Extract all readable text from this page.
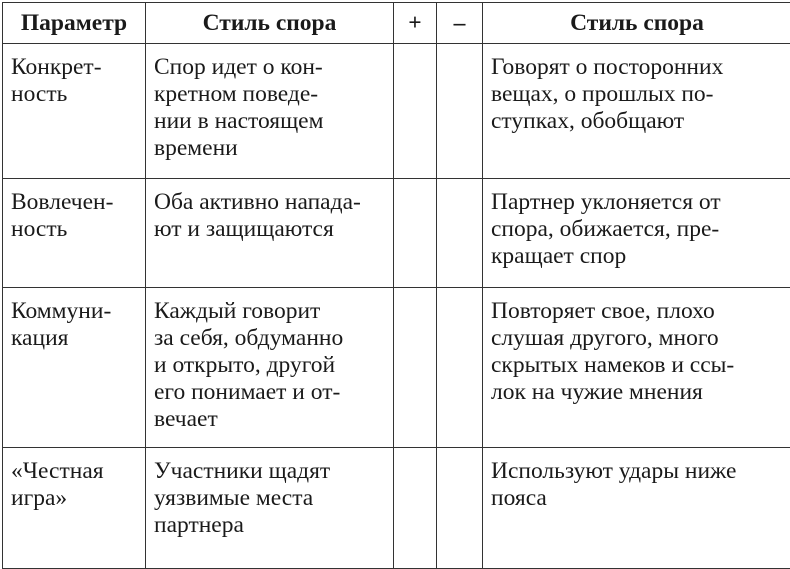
Параметр	Стиль спора	+	–	Стиль спора

Конкрет-
ность	Спор идет о кон-
кретном поведе-
нии в настоящем
времени			Говорят о посторонних
вещах, о прошлых по-
ступках, обобщают

Вовлечен-
ность	Оба активно напада-
ют и защищаются			Партнер уклоняется от
спора, обижается, пре-
кращает спор

Коммуни-
кация	Каждый говорит
за себя, обдуманно
и открыто, другой
его понимает и от-
вечает			Повторяет свое, плохо
слушая другого, много
скрытых намеков и ссы-
лок на чужие мнения

«Честная
игра»	Участники щадят
уязвимые места
партнера			Используют удары ниже
пояса
